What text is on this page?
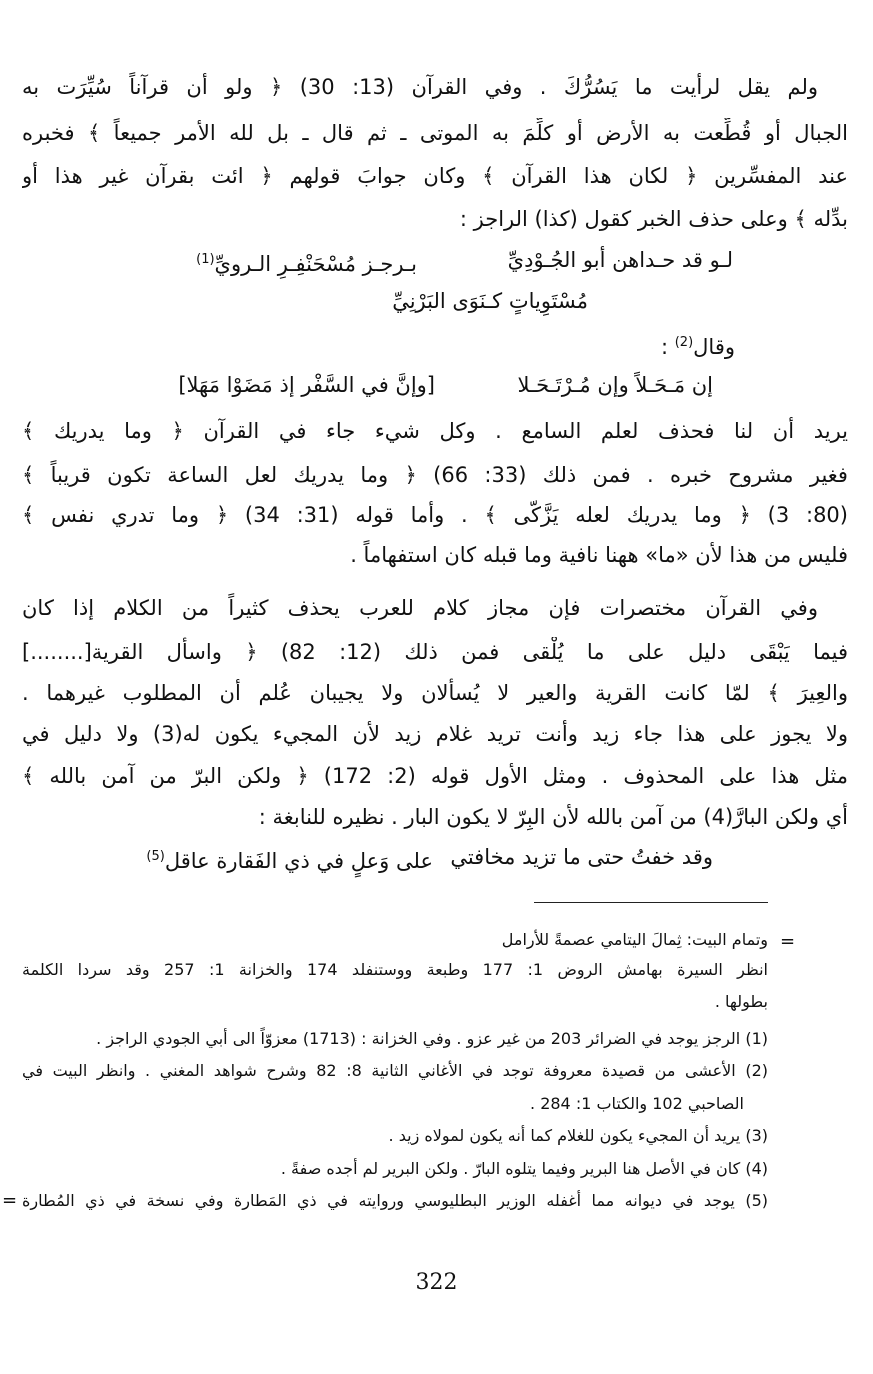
ولم يقل لرأيت ما يَسُرُّكَ . وفي القرآن (13: 30) ﴿ ولو أن قرآناً سُيِّرَت به
الجبال أو قُطِّعت به الأرض أو كلِّمَ به الموتى ـ ثم قال ـ بل لله الأمر جميعاً ﴾ فخبره
عند المفسِّرين ﴿ لكان هذا القرآن ﴾ وكان جوابَ قولهم ﴿ ائت بقرآن غير هذا أو
بدِّله ﴾ وعلى حذف الخبر كقول (كذا) الراجز :
لـو قد حـداهن أبو الجُـوْدِيِّ
بـرجـز مُسْحَنْفِـرِ الـرويِّ$^{(1)}$
مُسْتَوِياتٍ كـنَوَى البَرْنِيِّ
وقال$^{(2)}$ :
إن مَـحَـلاً وإن مُـرْتَـحَـلا
[وإنَّ في السَّفْر إذ مَضَوْا مَهَلا]
يريد أن لنا فحذف لعلم السامع . وكل شيء جاء في القرآن ﴿ وما يدريك ﴾
فغير مشروح خبره . فمن ذلك (33: 66) ﴿ وما يدريك لعل الساعة تكون قريباً ﴾
(80: 3) ﴿ وما يدريك لعله يَزَّكّى ﴾ . وأما قوله (31: 34) ﴿ وما تدري نفس ﴾
فليس من هذا لأن «ما» ههنا نافية وما قبله كان استفهاماً .
وفي القرآن مختصرات فإن مجاز كلام للعرب يحذف كثيراً من الكلام إذا كان
فيما يَبْقَى دليل على ما يُلْقى فمن ذلك (12: 82) ﴿ واسأل القرية[........]
والعِيرَ ﴾ لمّا كانت القرية والعير لا يُسألان ولا يجيبان عُلم أن المطلوب غيرهما .
ولا يجوز على هذا جاء زيد وأنت تريد غلام زيد لأن المجيء يكون له(3) ولا دليل في
مثل هذا على المحذوف . ومثل الأول قوله (2: 172) ﴿ ولكن البرّ من آمن بالله ﴾
أي ولكن البارَّ(4) من آمن بالله لأن البِرّ لا يكون البار . نظيره للنابغة :
وقد خفتُ حتى ما تزيد مخافتي
على وَعلٍ في ذي الفَقارة عاقل$^{(5)}$
=
وتمام البيت: ثِمالَ اليتامي عصمةً للأرامل
انظر السيرة بهامش الروض 1: 177 وطبعة ووستنفلد 174 والخزانة 1: 257 وقد سردا الكلمة
بطولها .
(1) الرجز يوجد في الضرائر 203 من غير عزو . وفي الخزانة : (1713) معزوّاً الى أبي الجودي الراجز .
(2) الأعشى من قصيدة معروفة توجد في الأغاني الثانية 8: 82 وشرح شواهد المغني . وانظر البيت في
الصاحبي 102 والكتاب 1: 284 .
(3) يريد أن المجيء يكون للغلام كما أنه يكون لمولاه زيد .
(4) كان في الأصل هنا البرير وفيما يتلوه البارّ . ولكن البرير لم أجده صفةً .
(5) يوجد في ديوانه مما أغفله الوزير البطليوسي وروايته في ذي المَطارة وفي نسخة في ذي المُطارة
=
322
